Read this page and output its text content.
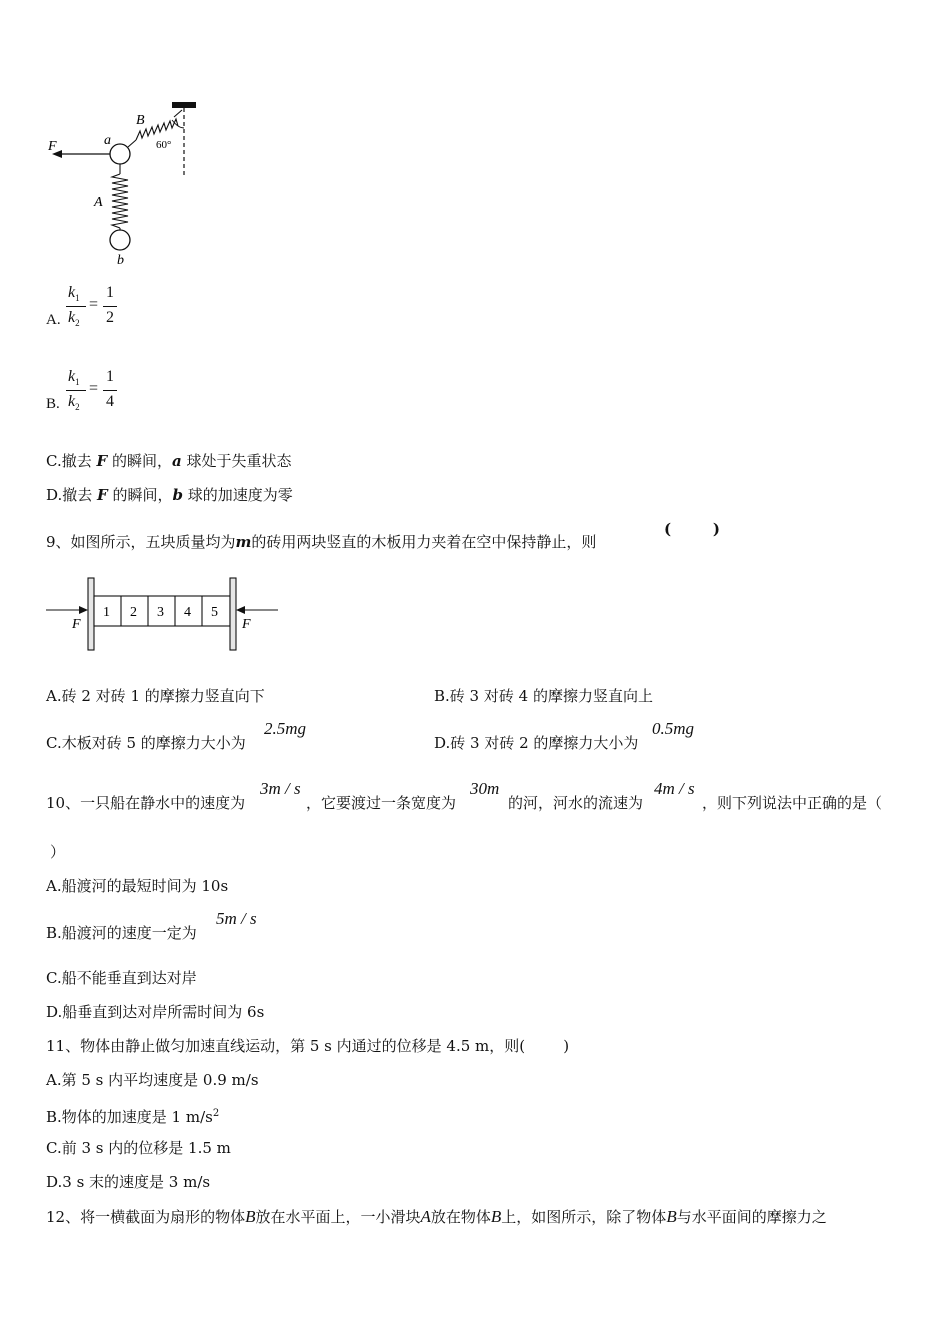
F	a
B
60°
A
b
A.
$k_1$
$k_2$
=
1
2
B.
$k_1$
$k_2$
=
1
4
C.撤去 F 的瞬间，a 球处于失重状态
D.撤去 F 的瞬间，b 球的加速度为零
9、如图所示，五块质量均为m的砖用两块竖直的木板用力夹着在空中保持静止，则
(        )
F
1 2 3 4 5
F
A.砖 2 对砖 1 的摩擦力竖直向下	B.砖 3 对砖 4 的摩擦力竖直向上
C.木板对砖 5 的摩擦力大小为
2.5mg
D.砖 3 对砖 2 的摩擦力大小为
0.5mg
10、一只船在静水中的速度为
3m / s
，它要渡过一条宽度为
30m
的河，河水的流速为
4m / s
，则下列说法中正确的是（
）
A.船渡河的最短时间为 10s
B.船渡河的速度一定为
5m / s
C.船不能垂直到达对岸
D.船垂直到达对岸所需时间为 6s
11、物体由静止做匀加速直线运动，第 5 s 内通过的位移是 4.5 m，则(        )
A.第 5 s 内平均速度是 0.9 m/s
B.物体的加速度是 1 $m/s^2$
C.前 3 s 内的位移是 1.5 m
D.3 s 末的速度是 3 m/s
12、将一横截面为扇形的物体B放在水平面上，一小滑块A放在物体B上，如图所示，除了物体B与水平面间的摩擦力之
